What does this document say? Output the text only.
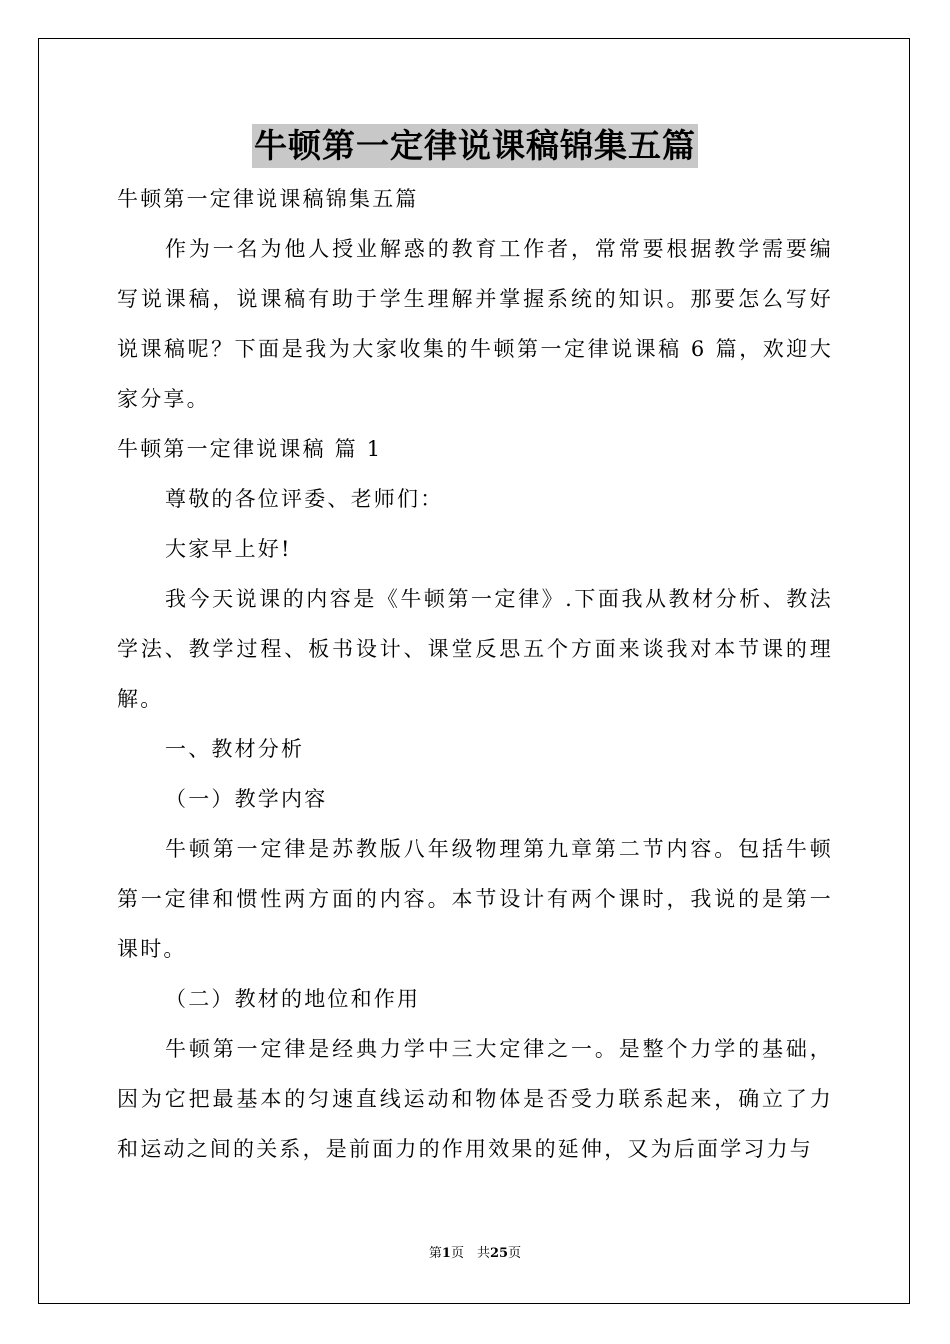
牛顿第一定律说课稿锦集五篇

牛顿第一定律说课稿锦集五篇

作为一名为他人授业解惑的教育工作者，常常要根据教学需要编写说课稿，说课稿有助于学生理解并掌握系统的知识。那要怎么写好说课稿呢？下面是我为大家收集的牛顿第一定律说课稿 6 篇，欢迎大家分享。

牛顿第一定律说课稿 篇 1

尊敬的各位评委、老师们：

大家早上好!

我今天说课的内容是《牛顿第一定律》.下面我从教材分析、教法学法、教学过程、板书设计、课堂反思五个方面来谈我对本节课的理解。

一、教材分析

（一）教学内容

牛顿第一定律是苏教版八年级物理第九章第二节内容。包括牛顿第一定律和惯性两方面的内容。本节设计有两个课时，我说的是第一课时。

（二）教材的地位和作用

牛顿第一定律是经典力学中三大定律之一。是整个力学的基础，因为它把最基本的匀速直线运动和物体是否受力联系起来，确立了力和运动之间的关系，是前面力的作用效果的延伸，又为后面学习力与

第1页　共25页
